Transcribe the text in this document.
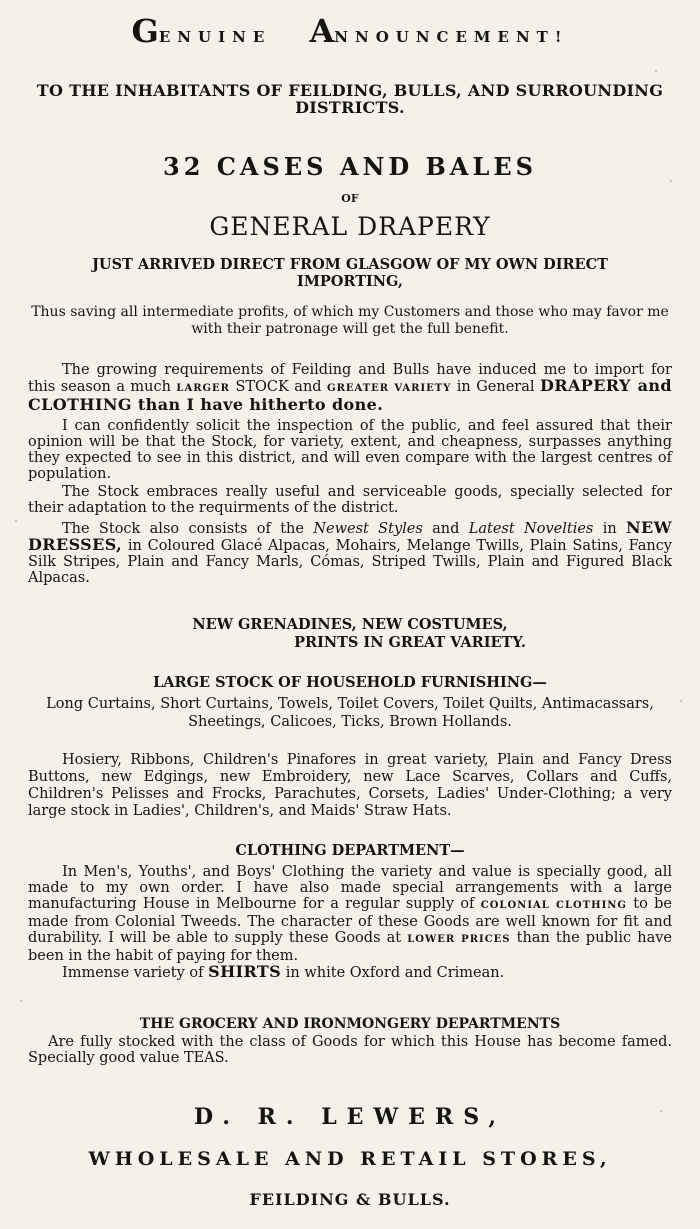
GENUINE ANNOUNCEMENT!
TO THE INHABITANTS OF FEILDING, BULLS, AND SURROUNDING DISTRICTS.
32 CASES AND BALES
OF
GENERAL DRAPERY
JUST ARRIVED DIRECT FROM GLASGOW OF MY OWN DIRECT IMPORTING,
Thus saving all intermediate profits, of which my Customers and those who may favor me with their patronage will get the full benefit.
The growing requirements of Feilding and Bulls have induced me to import for this season a much LARGER STOCK and GREATER VARIETY in General DRAPERY and CLOTHING than I have hitherto done.
I can confidently solicit the inspection of the public, and feel assured that their opinion will be that the Stock, for variety, extent, and cheapness, surpasses anything they expected to see in this district, and will even compare with the largest centres of population.
The Stock embraces really useful and serviceable goods, specially selected for their adaptation to the requirments of the district.
The Stock also consists of the Newest Styles and Latest Novelties in NEW DRESSES, in Coloured Glacé Alpacas, Mohairs, Melange Twills, Plain Satins, Fancy Silk Stripes, Plain and Fancy Marls, Cómas, Striped Twills, Plain and Figured Black Alpacas.
NEW GRENADINES, NEW COSTUMES,
PRINTS IN GREAT VARIETY.
LARGE STOCK OF HOUSEHOLD FURNISHING—
Long Curtains, Short Curtains, Towels, Toilet Covers, Toilet Quilts, Antimacassars, Sheetings, Calicoes, Ticks, Brown Hollands.
Hosiery, Ribbons, Children's Pinafores in great variety, Plain and Fancy Dress Buttons, new Edgings, new Embroidery, new Lace Scarves, Collars and Cuffs, Children's Pelisses and Frocks, Parachutes, Corsets, Ladies' Under-Clothing; a very large stock in Ladies', Children's, and Maids' Straw Hats.
CLOTHING DEPARTMENT—
In Men's, Youths', and Boys' Clothing the variety and value is specially good, all made to my own order. I have also made special arrangements with a large manufacturing House in Melbourne for a regular supply of COLONIAL CLOTHING to be made from Colonial Tweeds. The character of these Goods are well known for fit and durability. I will be able to supply these Goods at LOWER PRICES than the public have been in the habit of paying for them.
Immense variety of SHIRTS in white Oxford and Crimean.
THE GROCERY AND IRONMONGERY DEPARTMENTS
Are fully stocked with the class of Goods for which this House has become famed. Specially good value TEAS.
D. R. LEWERS,
WHOLESALE AND RETAIL STORES,
FEILDING & BULLS.
